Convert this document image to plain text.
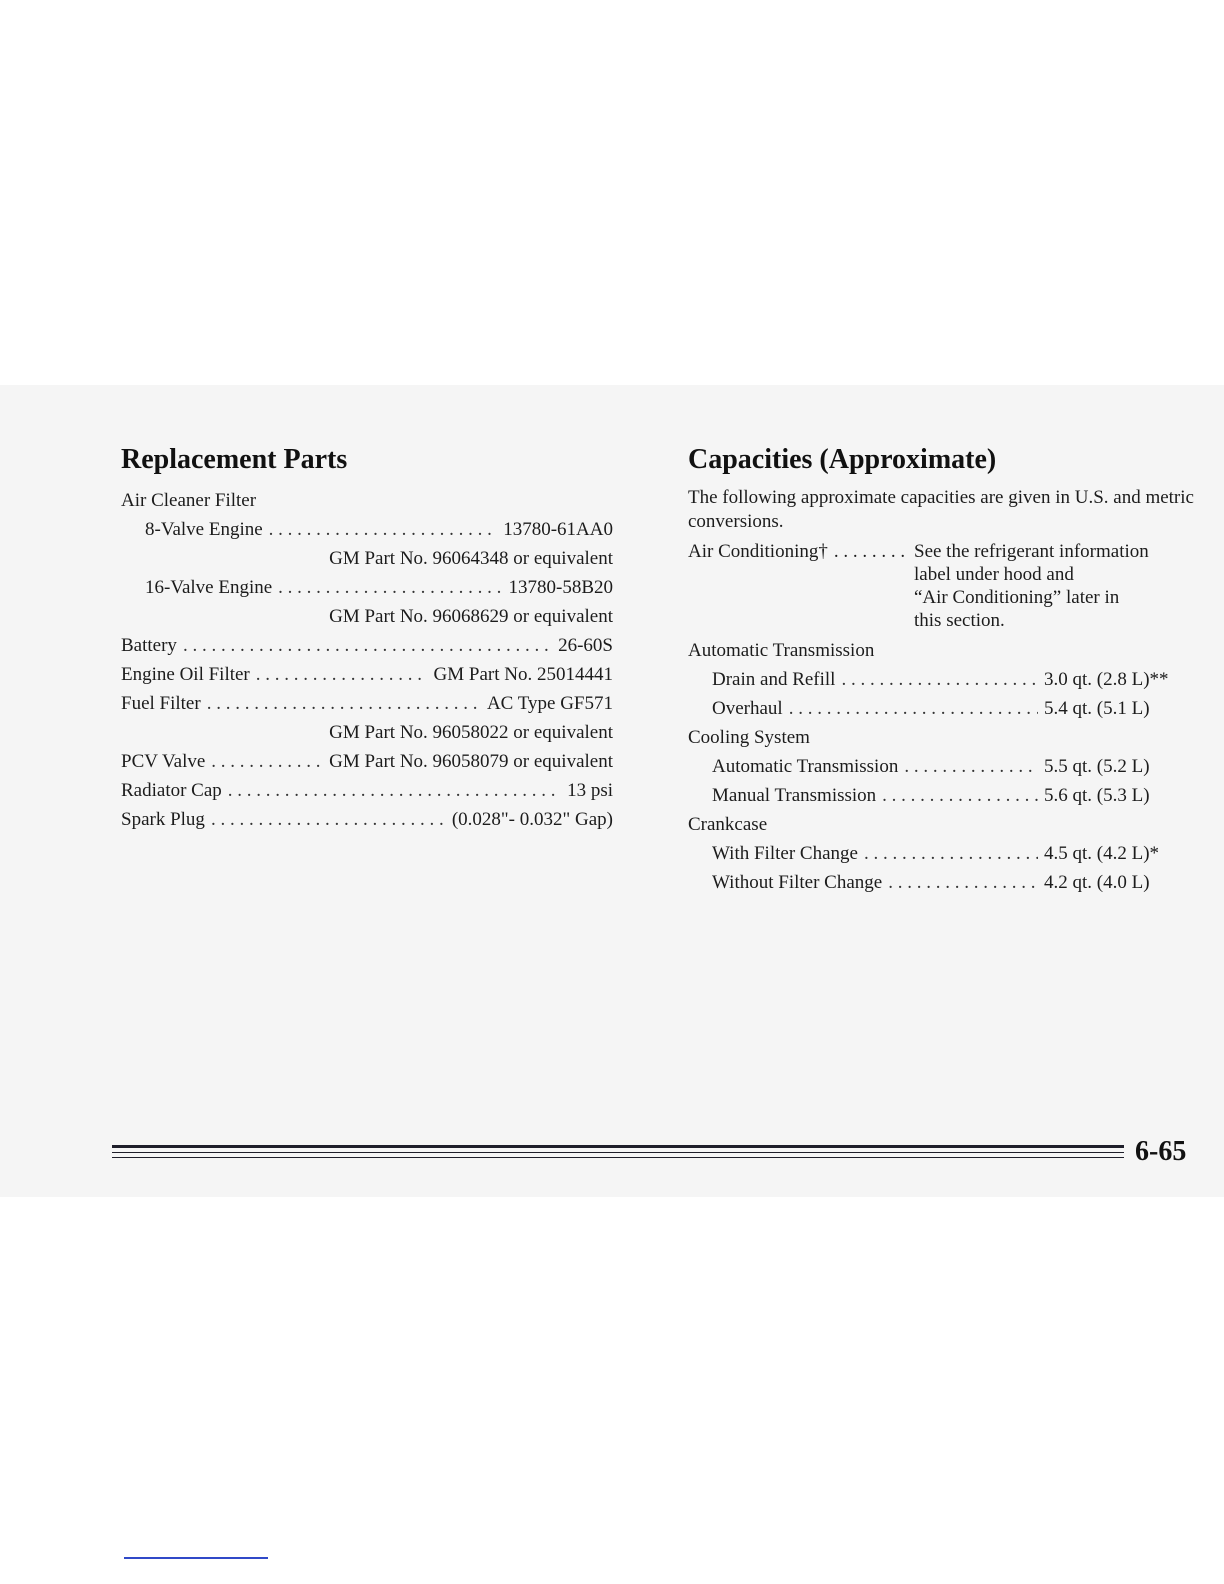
Replacement Parts
Air Cleaner Filter
8-Valve Engine . . .	13780-61AA0
GM Part No. 96064348 or equivalent
16-Valve Engine . . .	13780-58B20
GM Part No. 96068629 or equivalent
Battery . . .	26-60S
Engine Oil Filter . . .	GM Part No. 25014441
Fuel Filter . . .	AC Type GF571
GM Part No. 96058022 or equivalent
PCV Valve . . .	GM Part No. 96058079 or equivalent
Radiator Cap . . .	13 psi
Spark Plug . . .	(0.028"- 0.032" Gap)
Capacities (Approximate)
The following approximate capacities are given in U.S. and metric conversions.
Air Conditioning† . . .	See the refrigerant information
label under hood and
“Air Conditioning” later in
this section.
Automatic Transmission
Drain and Refill . . .	3.0 qt. (2.8 L)**
Overhaul . . .	5.4 qt. (5.1 L)
Cooling System
Automatic Transmission . . .	5.5 qt. (5.2 L)
Manual Transmission . . .	5.6 qt. (5.3 L)
Crankcase
With Filter Change . . .	4.5 qt. (4.2 L)*
Without Filter Change . . .	4.2 qt. (4.0 L)
6-65
